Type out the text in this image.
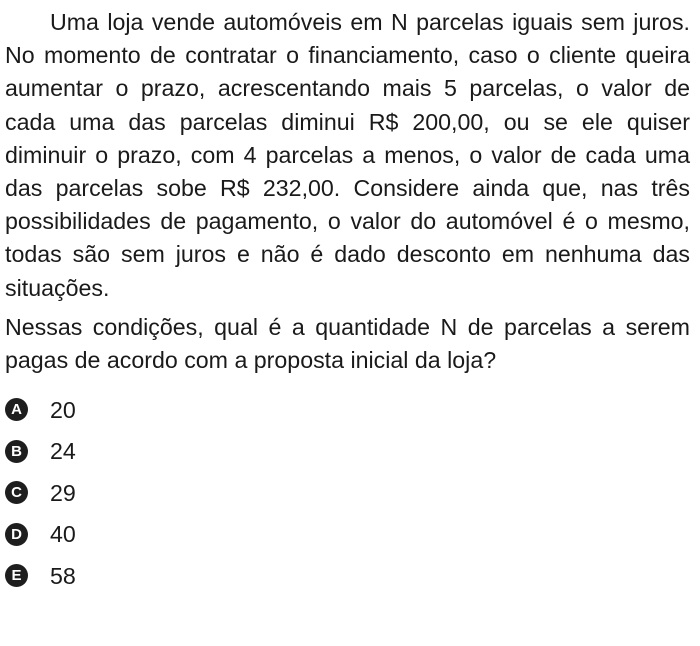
Uma loja vende automóveis em N parcelas iguais sem juros. No momento de contratar o financiamento, caso o cliente queira aumentar o prazo, acrescentando mais 5 parcelas, o valor de cada uma das parcelas diminui R$ 200,00, ou se ele quiser diminuir o prazo, com 4 parcelas a menos, o valor de cada uma das parcelas sobe R$ 232,00. Considere ainda que, nas três possibilidades de pagamento, o valor do automóvel é o mesmo, todas são sem juros e não é dado desconto em nenhuma das situações.

Nessas condições, qual é a quantidade N de parcelas a serem pagas de acordo com a proposta inicial da loja?

A 20
B 24
C 29
D 40
E 58
